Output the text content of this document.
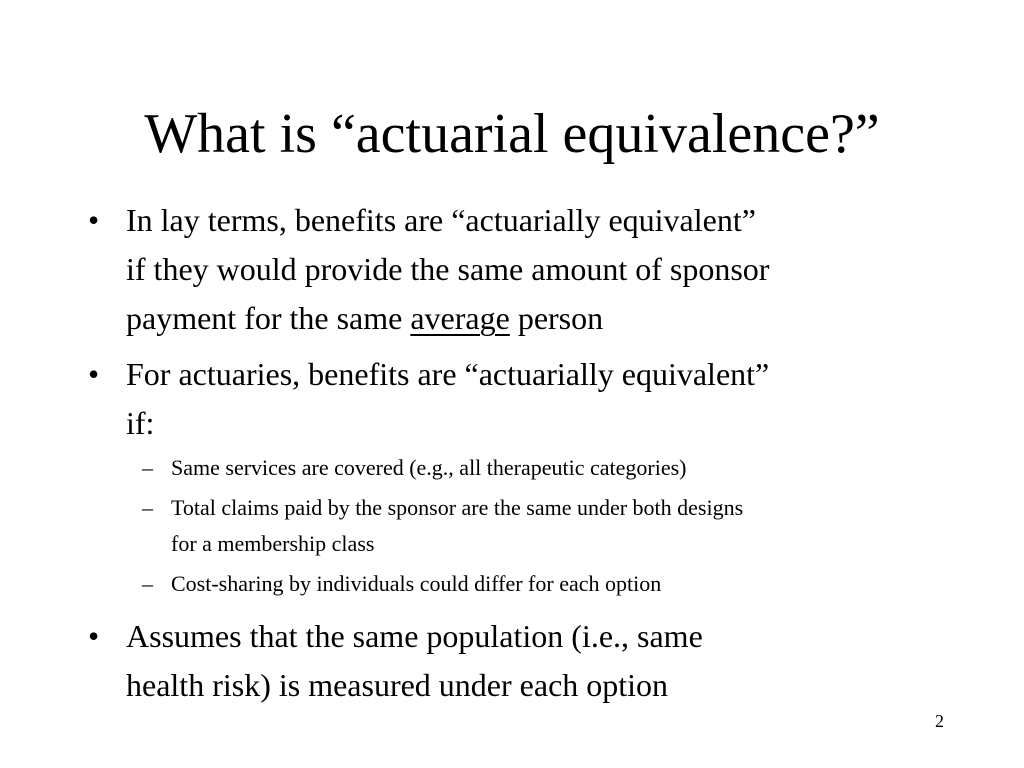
What is “actuarial equivalence?”
• In lay terms, benefits are “actuarially equivalent”
if they would provide the same amount of sponsor
payment for the same average person
• For actuaries, benefits are “actuarially equivalent”
if:
– Same services are covered (e.g., all therapeutic categories)
– Total claims paid by the sponsor are the same under both designs
for a membership class
– Cost-sharing by individuals could differ for each option
• Assumes that the same population (i.e., same
health risk) is measured under each option
2
